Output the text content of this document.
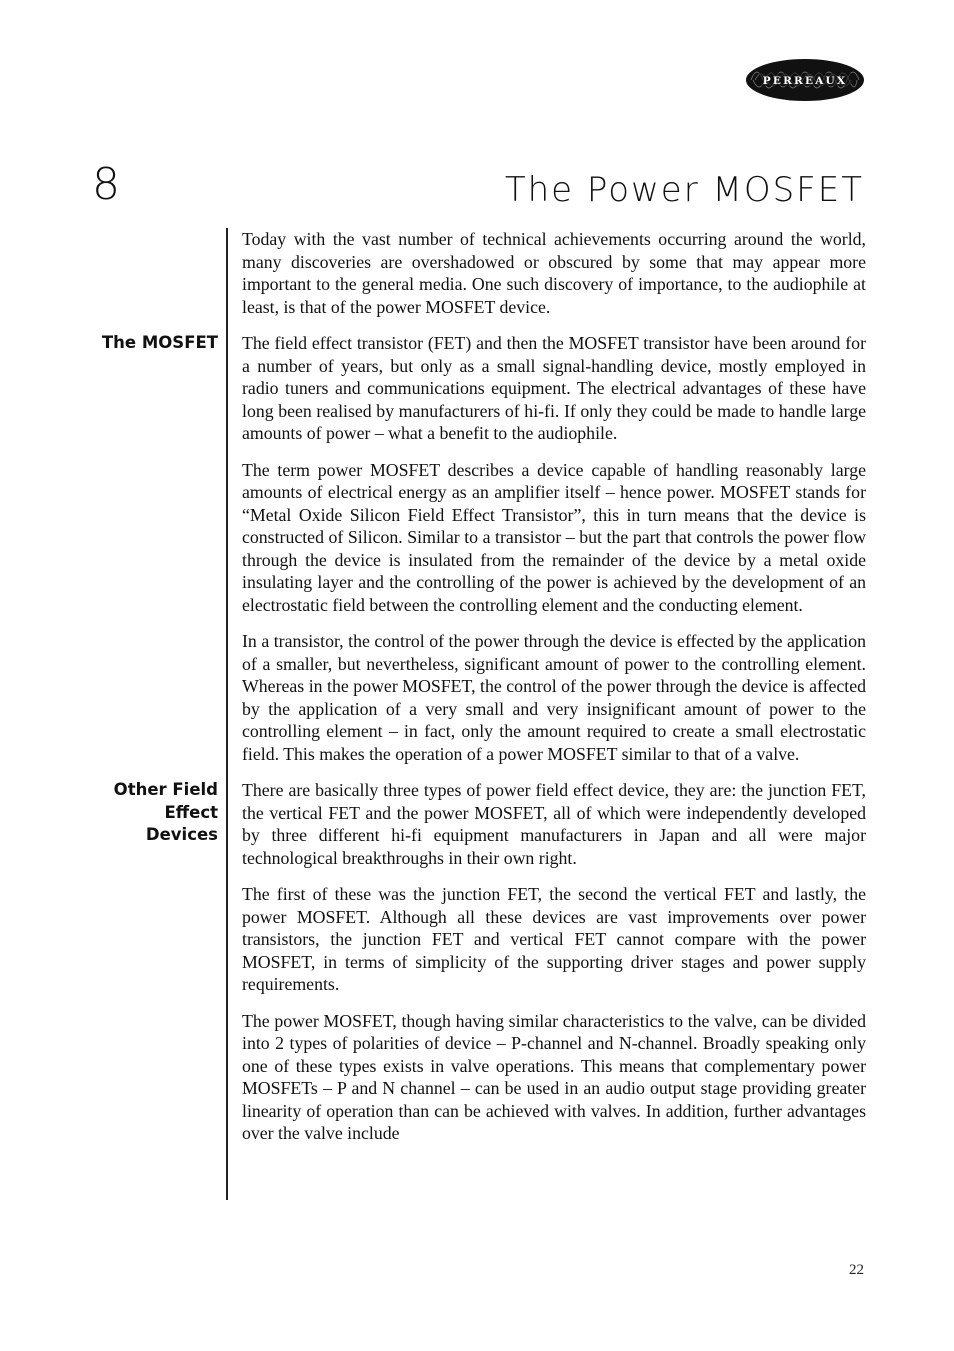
PERREAUX
8	The Power MOSFET

Today with the vast number of technical achievements occurring around the world, many discoveries are overshadowed or obscured by some that may appear more important to the general media. One such discovery of importance, to the audiophile at least, is that of the power MOSFET device.

The MOSFET The field effect transistor (FET) and then the MOSFET transistor have been around for a number of years, but only as a small signal-handling device, mostly employed in radio tuners and communications equipment. The electrical advantages of these have long been realised by manufacturers of hi-fi. If only they could be made to handle large amounts of power – what a benefit to the audiophile.

The term power MOSFET describes a device capable of handling reasonably large amounts of electrical energy as an amplifier itself – hence power. MOSFET stands for “Metal Oxide Silicon Field Effect Transistor”, this in turn means that the device is constructed of Silicon. Similar to a transistor – but the part that controls the power flow through the device is insulated from the remainder of the device by a metal oxide insulating layer and the controlling of the power is achieved by the development of an electrostatic field between the controlling element and the conducting element.

In a transistor, the control of the power through the device is effected by the application of a smaller, but nevertheless, significant amount of power to the controlling element. Whereas in the power MOSFET, the control of the power through the device is affected by the application of a very small and very insignificant amount of power to the controlling element – in fact, only the amount required to create a small electrostatic field. This makes the operation of a power MOSFET similar to that of a valve.

Other Field Effect Devices

There are basically three types of power field effect device, they are: the junction FET, the vertical FET and the power MOSFET, all of which were independently developed by three different hi-fi equipment manufacturers in Japan and all were major technological breakthroughs in their own right.

The first of these was the junction FET, the second the vertical FET and lastly, the power MOSFET. Although all these devices are vast improvements over power transistors, the junction FET and vertical FET cannot compare with the power MOSFET, in terms of simplicity of the supporting driver stages and power supply requirements.

The power MOSFET, though having similar characteristics to the valve, can be divided into 2 types of polarities of device – P-channel and N-channel. Broadly speaking only one of these types exists in valve operations. This means that complementary power MOSFETs – P and N channel – can be used in an audio output stage providing greater linearity of operation than can be achieved with valves. In addition, further advantages over the valve include

22
